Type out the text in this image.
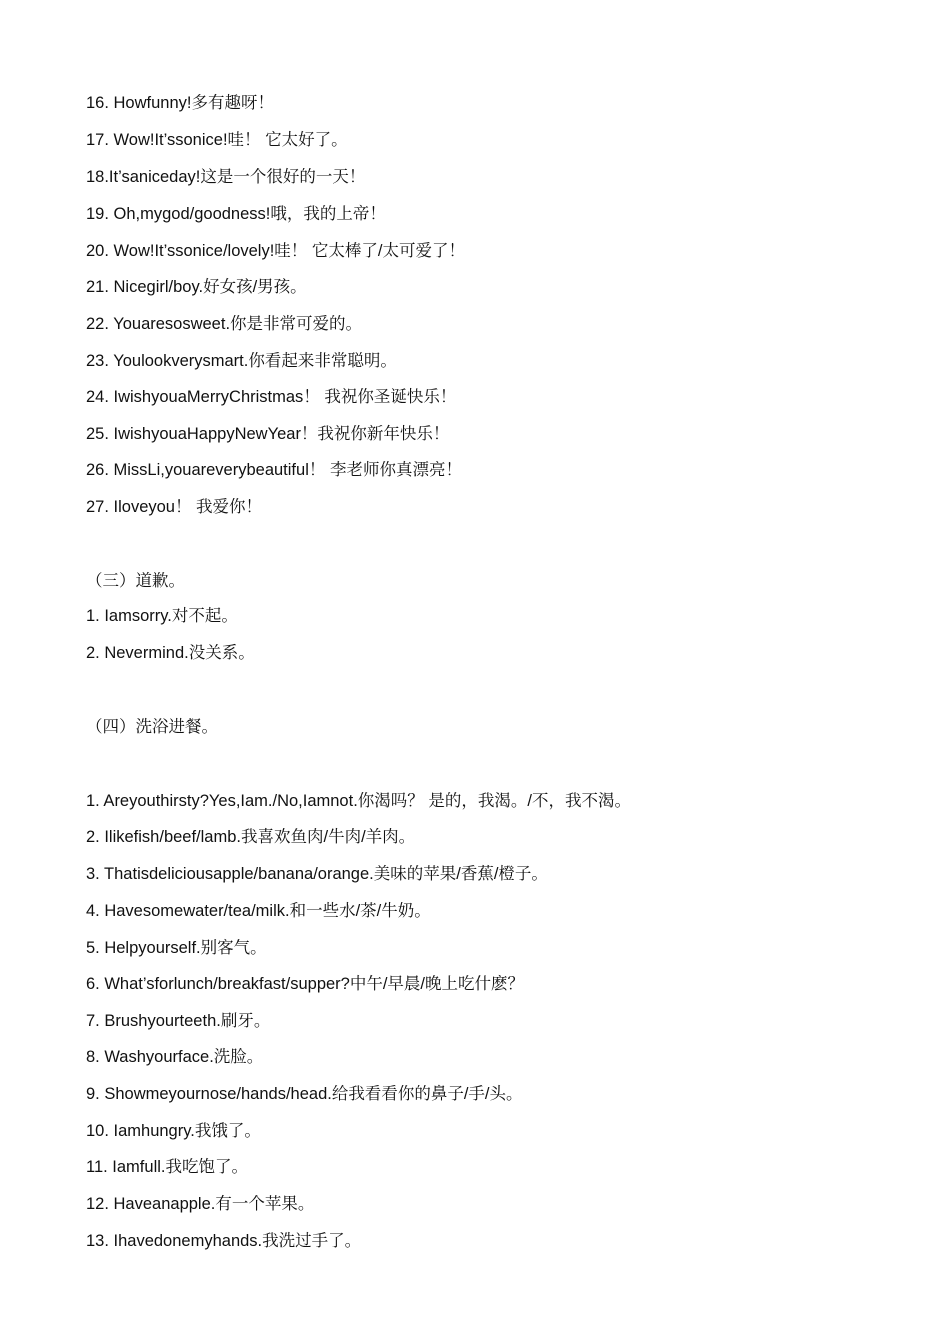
16. Howfunny!多有趣呀！
17. Wow!It’ssonice!哇！ 它太好了。
18.It’saniceday!这是一个很好的一天！
19. Oh,mygod/goodness!哦，我的上帝！
20. Wow!It’ssonice/lovely!哇！ 它太棒了/太可爱了！
21. Nicegirl/boy.好女孩/男孩。
22. Youaresosweet.你是非常可爱的。
23. Youlookverysmart.你看起来非常聪明。
24. IwishyouaMerryChristmas！ 我祝你圣诞快乐！
25. IwishyouaHappyNewYear！我祝你新年快乐！
26. MissLi,youareverybeautiful！ 李老师你真漂亮！
27. Iloveyou！ 我爱你！
（三）道歉。
1. Iamsorry.对不起。
2. Nevermind.没关系。
（四）洗浴进餐。
1. Areyouthirsty?Yes,Iam./No,Iamnot.你渴吗？ 是的，我渴。/不，我不渴。
2. Ilikefish/beef/lamb.我喜欢鱼肉/牛肉/羊肉。
3. Thatisdeliciousapple/banana/orange.美味的苹果/香蕉/橙子。
4. Havesomewater/tea/milk.和一些水/茶/牛奶。
5. Helpyourself.别客气。
6. What’sforlunch/breakfast/supper?中午/早晨/晚上吃什麽？
7. Brushyourteeth.刷牙。
8. Washyourface.洗脸。
9. Showmeyournose/hands/head.给我看看你的鼻子/手/头。
10. Iamhungry.我饿了。
11. Iamfull.我吃饱了。
12. Haveanapple.有一个苹果。
13. Ihavedonemyhands.我洗过手了。
